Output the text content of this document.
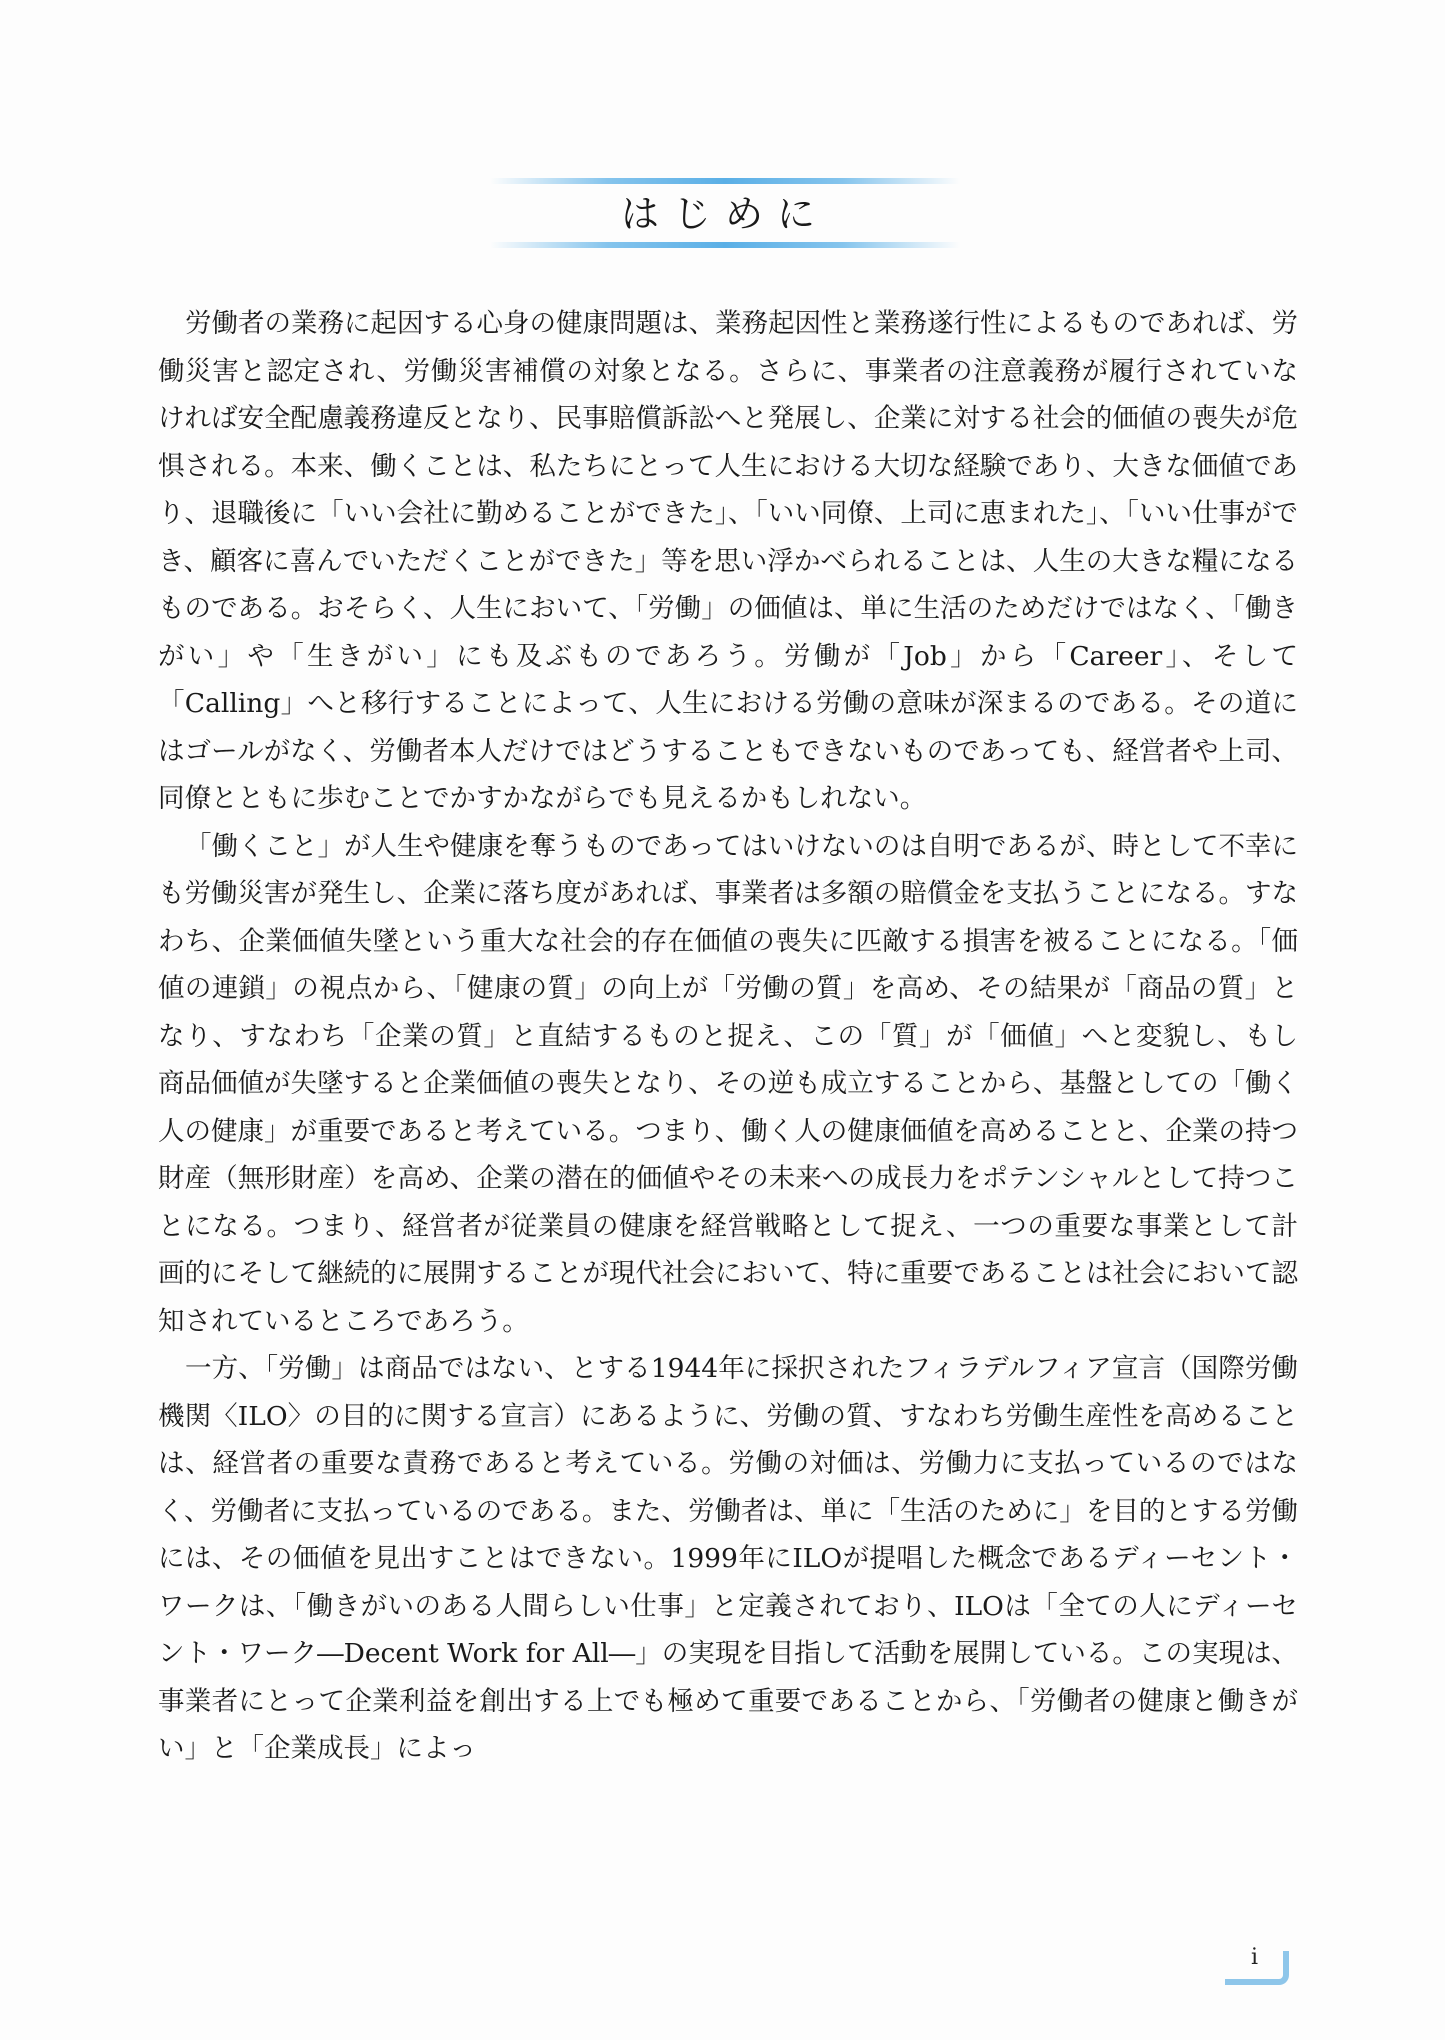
はじめに

労働者の業務に起因する心身の健康問題は、業務起因性と業務遂行性によるものであれば、労働災害と認定され、労働災害補償の対象となる。さらに、事業者の注意義務が履行されていなければ安全配慮義務違反となり、民事賠償訴訟へと発展し、企業に対する社会的価値の喪失が危惧される。本来、働くことは、私たちにとって人生における大切な経験であり、大きな価値であり、退職後に「いい会社に勤めることができた」、「いい同僚、上司に恵まれた」、「いい仕事ができ、顧客に喜んでいただくことができた」等を思い浮かべられることは、人生の大きな糧になるものである。おそらく、人生において、「労働」の価値は、単に生活のためだけではなく、「働きがい」や「生きがい」にも及ぶものであろう。労働が「Job」から「Career」、そして「Calling」へと移行することによって、人生における労働の意味が深まるのである。その道にはゴールがなく、労働者本人だけではどうすることもできないものであっても、経営者や上司、同僚とともに歩むことでかすかながらでも見えるかもしれない。

「働くこと」が人生や健康を奪うものであってはいけないのは自明であるが、時として不幸にも労働災害が発生し、企業に落ち度があれば、事業者は多額の賠償金を支払うことになる。すなわち、企業価値失墜という重大な社会的存在価値の喪失に匹敵する損害を被ることになる。「価値の連鎖」の視点から、「健康の質」の向上が「労働の質」を高め、その結果が「商品の質」となり、すなわち「企業の質」と直結するものと捉え、この「質」が「価値」へと変貌し、もし商品価値が失墜すると企業価値の喪失となり、その逆も成立することから、基盤としての「働く人の健康」が重要であると考えている。つまり、働く人の健康価値を高めることと、企業の持つ財産（無形財産）を高め、企業の潜在的価値やその未来への成長力をポテンシャルとして持つことになる。つまり、経営者が従業員の健康を経営戦略として捉え、一つの重要な事業として計画的にそして継続的に展開することが現代社会において、特に重要であることは社会において認知されているところであろう。

一方、「労働」は商品ではない、とする1944年に採択されたフィラデルフィア宣言（国際労働機関〈ILO〉の目的に関する宣言）にあるように、労働の質、すなわち労働生産性を高めることは、経営者の重要な責務であると考えている。労働の対価は、労働力に支払っているのではなく、労働者に支払っているのである。また、労働者は、単に「生活のために」を目的とする労働には、その価値を見出すことはできない。1999年にILOが提唱した概念であるディーセント・ワークは、「働きがいのある人間らしい仕事」と定義されており、ILOは「全ての人にディーセント・ワーク―Decent Work for All―」の実現を目指して活動を展開している。この実現は、事業者にとって企業利益を創出する上でも極めて重要であることから、「労働者の健康と働きがい」と「企業成長」によっ

i
